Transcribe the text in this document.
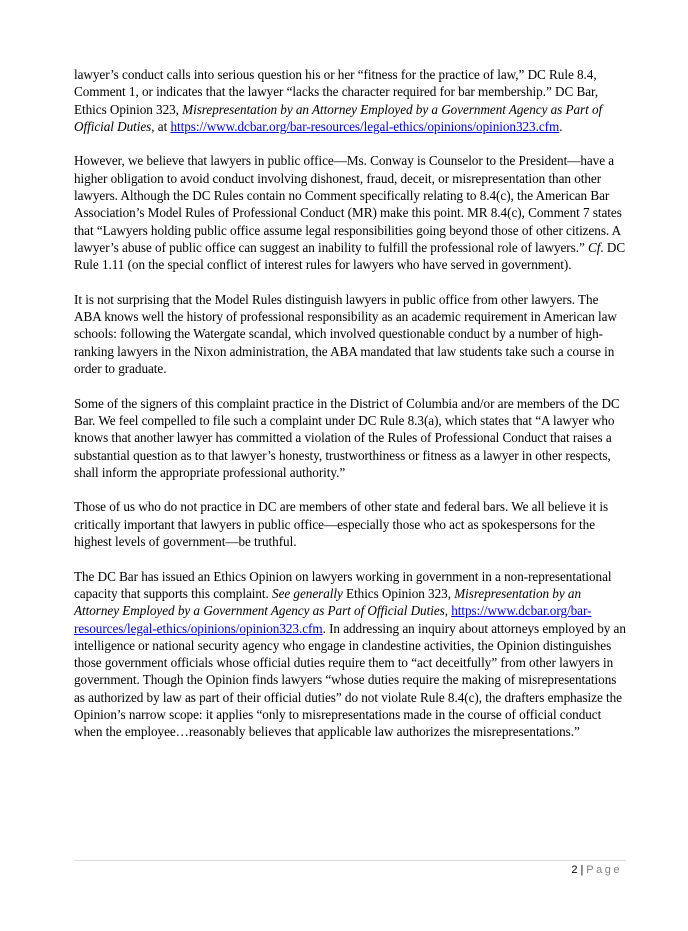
lawyer’s conduct calls into serious question his or her “fitness for the practice of law,” DC Rule 8.4, Comment 1, or indicates that the lawyer “lacks the character required for bar membership.” DC Bar, Ethics Opinion 323, Misrepresentation by an Attorney Employed by a Government Agency as Part of Official Duties, at https://www.dcbar.org/bar-resources/legal-ethics/opinions/opinion323.cfm.

However, we believe that lawyers in public office—Ms. Conway is Counselor to the President—have a higher obligation to avoid conduct involving dishonest, fraud, deceit, or misrepresentation than other lawyers. Although the DC Rules contain no Comment specifically relating to 8.4(c), the American Bar Association’s Model Rules of Professional Conduct (MR) make this point. MR 8.4(c), Comment 7 states that “Lawyers holding public office assume legal responsibilities going beyond those of other citizens. A lawyer’s abuse of public office can suggest an inability to fulfill the professional role of lawyers.” Cf. DC Rule 1.11 (on the special conflict of interest rules for lawyers who have served in government).

It is not surprising that the Model Rules distinguish lawyers in public office from other lawyers. The ABA knows well the history of professional responsibility as an academic requirement in American law schools: following the Watergate scandal, which involved questionable conduct by a number of high-ranking lawyers in the Nixon administration, the ABA mandated that law students take such a course in order to graduate.

Some of the signers of this complaint practice in the District of Columbia and/or are members of the DC Bar. We feel compelled to file such a complaint under DC Rule 8.3(a), which states that “A lawyer who knows that another lawyer has committed a violation of the Rules of Professional Conduct that raises a substantial question as to that lawyer’s honesty, trustworthiness or fitness as a lawyer in other respects, shall inform the appropriate professional authority.”

Those of us who do not practice in DC are members of other state and federal bars. We all believe it is critically important that lawyers in public office—especially those who act as spokespersons for the highest levels of government—be truthful.

The DC Bar has issued an Ethics Opinion on lawyers working in government in a non-representational capacity that supports this complaint. See generally Ethics Opinion 323, Misrepresentation by an Attorney Employed by a Government Agency as Part of Official Duties, https://www.dcbar.org/bar-resources/legal-ethics/opinions/opinion323.cfm. In addressing an inquiry about attorneys employed by an intelligence or national security agency who engage in clandestine activities, the Opinion distinguishes those government officials whose official duties require them to “act deceitfully” from other lawyers in government. Though the Opinion finds lawyers “whose duties require the making of misrepresentations as authorized by law as part of their official duties” do not violate Rule 8.4(c), the drafters emphasize the Opinion’s narrow scope: it applies “only to misrepresentations made in the course of official conduct when the employee…reasonably believes that applicable law authorizes the misrepresentations.”

2 | Page
